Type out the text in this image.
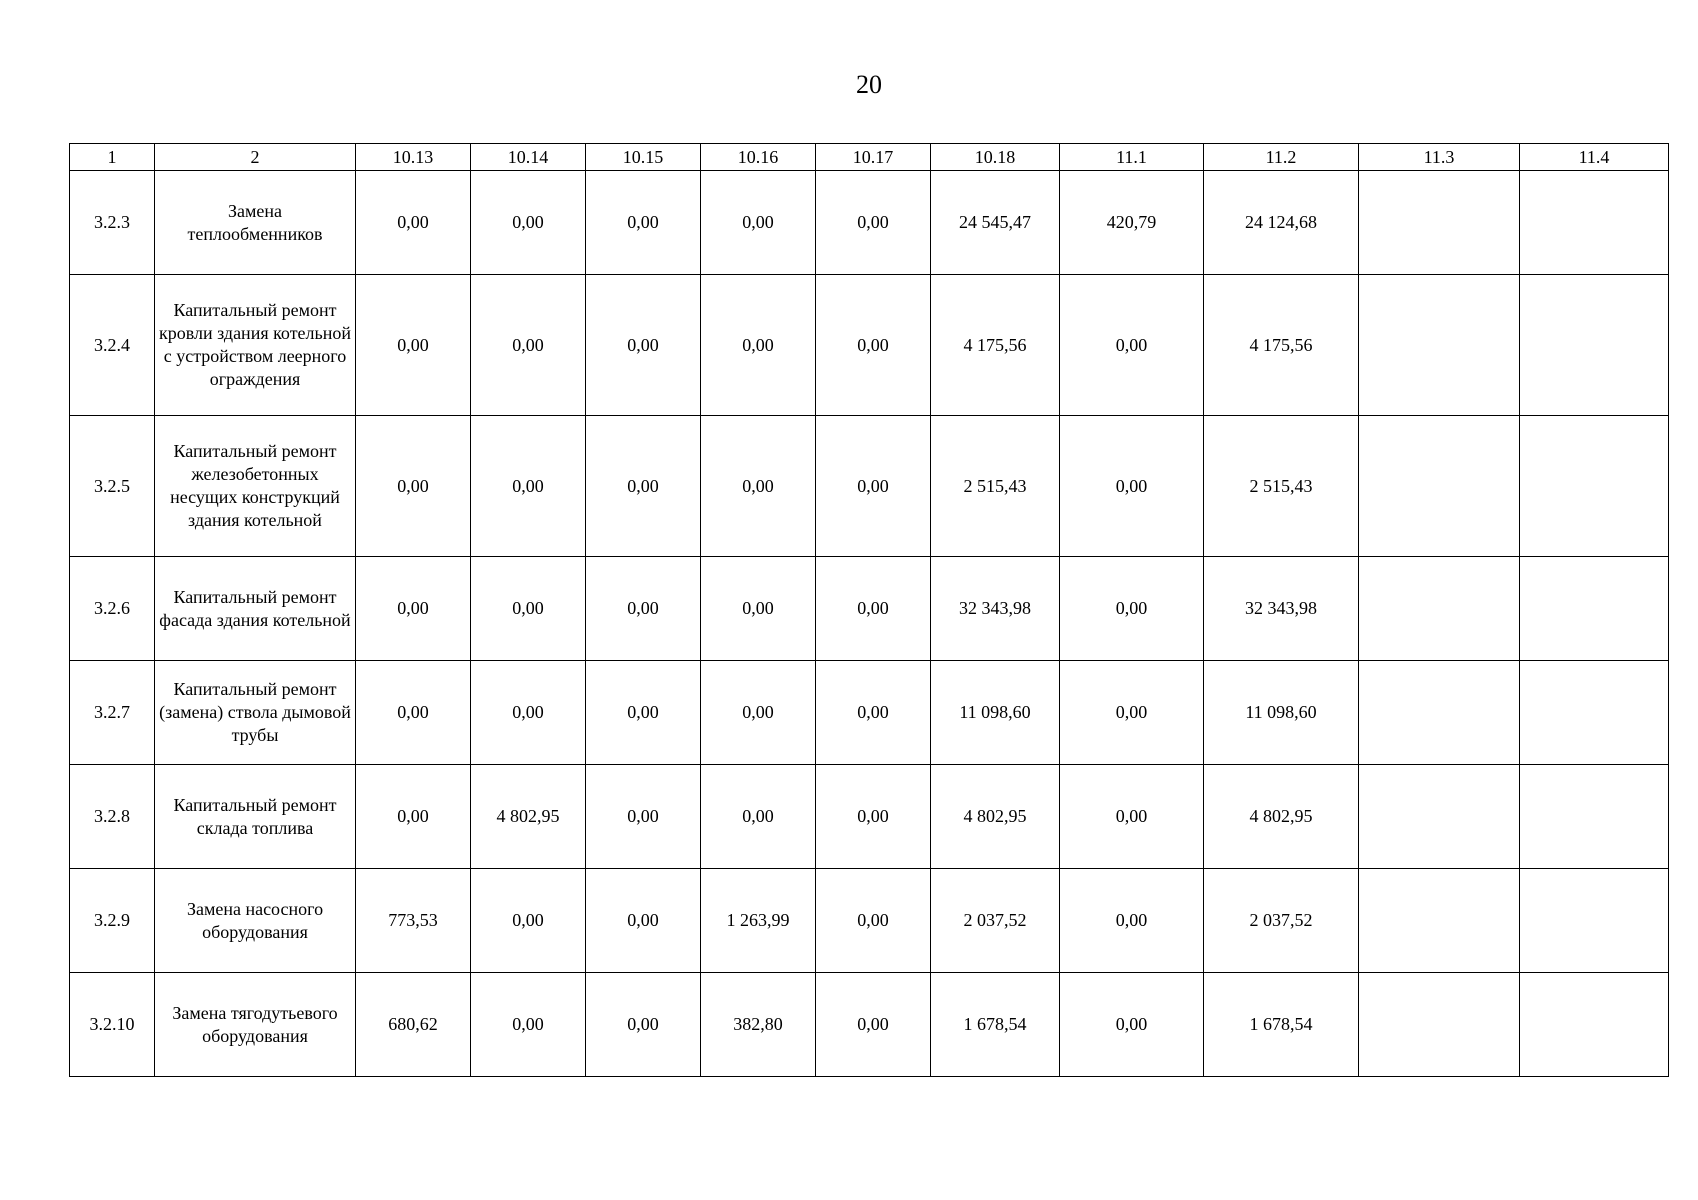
20
1	2	10.13	10.14	10.15	10.16	10.17	10.18	11.1	11.2	11.3	11.4
3.2.3	Замена теплообменников	0,00	0,00	0,00	0,00	0,00	24 545,47	420,79	24 124,68		
3.2.4	Капитальный ремонт кровли здания котельной с устройством леерного ограждения	0,00	0,00	0,00	0,00	0,00	4 175,56	0,00	4 175,56		
3.2.5	Капитальный ремонт железобетонных несущих конструкций здания котельной	0,00	0,00	0,00	0,00	0,00	2 515,43	0,00	2 515,43		
3.2.6	Капитальный ремонт фасада здания котельной	0,00	0,00	0,00	0,00	0,00	32 343,98	0,00	32 343,98		
3.2.7	Капитальный ремонт (замена) ствола дымовой трубы	0,00	0,00	0,00	0,00	0,00	11 098,60	0,00	11 098,60		
3.2.8	Капитальный ремонт склада топлива	0,00	4 802,95	0,00	0,00	0,00	4 802,95	0,00	4 802,95		
3.2.9	Замена насосного оборудования	773,53	0,00	0,00	1 263,99	0,00	2 037,52	0,00	2 037,52		
3.2.10	Замена тягодутьевого оборудования	680,62	0,00	0,00	382,80	0,00	1 678,54	0,00	1 678,54		
